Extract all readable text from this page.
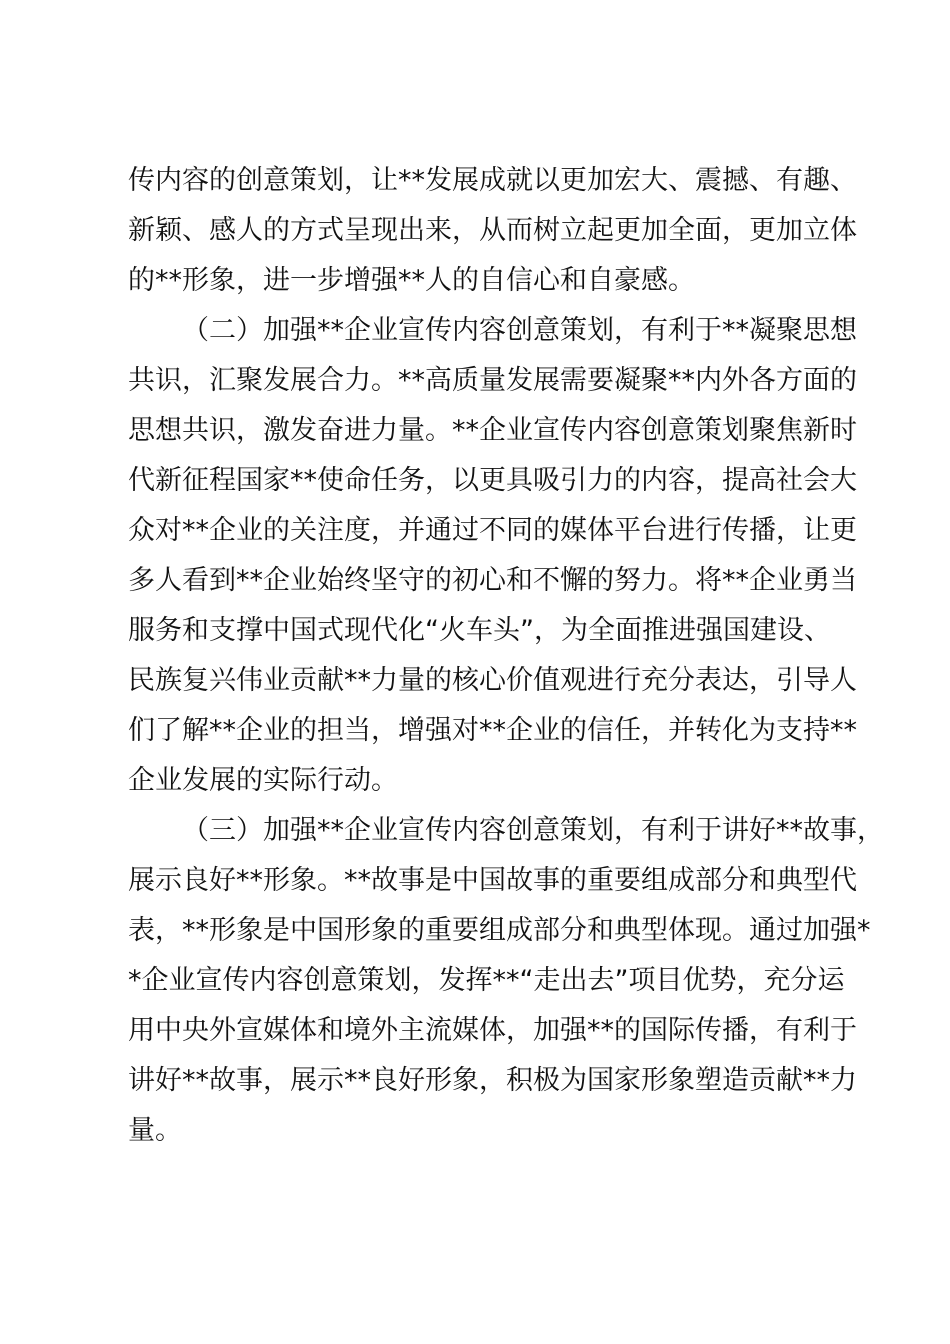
传内容的创意策划，让**发展成就以更加宏大、震撼、有趣、
新颖、感人的方式呈现出来，从而树立起更加全面，更加立体
的**形象，进一步增强**人的自信心和自豪感。
（二）加强**企业宣传内容创意策划，有利于**凝聚思想
共识，汇聚发展合力。**高质量发展需要凝聚**内外各方面的
思想共识，激发奋进力量。**企业宣传内容创意策划聚焦新时
代新征程国家**使命任务，以更具吸引力的内容，提高社会大
众对**企业的关注度，并通过不同的媒体平台进行传播，让更
多人看到**企业始终坚守的初心和不懈的努力。将**企业勇当
服务和支撑中国式现代化“火车头”，为全面推进强国建设、
民族复兴伟业贡献**力量的核心价值观进行充分表达，引导人
们了解**企业的担当，增强对**企业的信任，并转化为支持**
企业发展的实际行动。
（三）加强**企业宣传内容创意策划，有利于讲好**故事，
展示良好**形象。**故事是中国故事的重要组成部分和典型代
表，**形象是中国形象的重要组成部分和典型体现。通过加强*
*企业宣传内容创意策划，发挥**“走出去”项目优势，充分运
用中央外宣媒体和境外主流媒体，加强**的国际传播，有利于
讲好**故事，展示**良好形象，积极为国家形象塑造贡献**力
量。
